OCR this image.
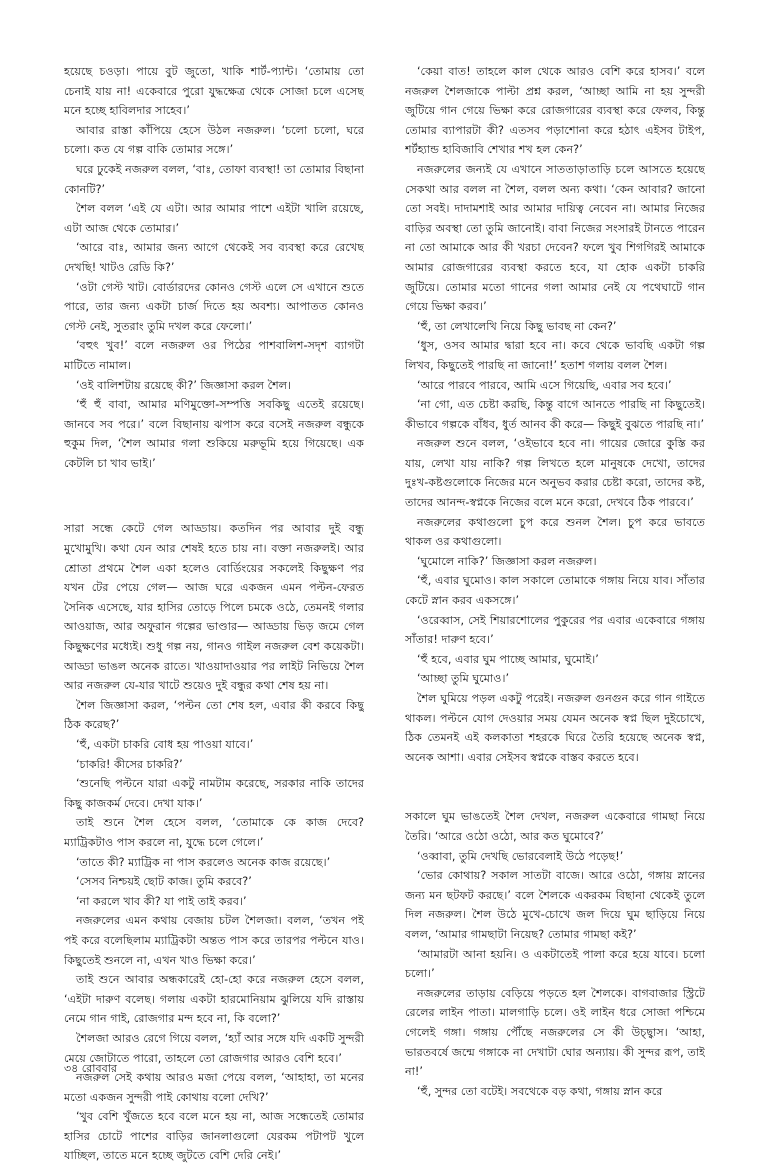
হয়েছে চওড়া। পায়ে বুট জুতো, খাকি শার্ট-প্যান্ট। ‘তোমায় তো চেনাই যায় না! একেবারে পুরো যুদ্ধক্ষেত্র থেকে সোজা চলে এসেছ মনে হচ্ছে হাবিলদার সাহেব।’

আবার রাস্তা কাঁপিয়ে হেসে উঠল নজরুল। ‘চলো চলো, ঘরে চলো। কত যে গল্প বাকি তোমার সঙ্গে।’

ঘরে ঢুকেই নজরুল বলল, ‘বাঃ, তোফা ব্যবস্থা! তা তোমার বিছানা কোনটি?’

শৈল বলল ‘এই যে এটা। আর আমার পাশে এইটা খালি রয়েছে, এটা আজ থেকে তোমার।’

‘আরে বাঃ, আমার জন্য আগে থেকেই সব ব্যবস্থা করে রেখেছ দেখছি! খাটও রেডি কি?’

‘ওটা গেস্ট খাট। বোর্ডারদের কোনও গেস্ট এলে সে এখানে শুতে পারে, তার জন্য একটা চার্জ দিতে হয় অবশ্য। আপাতত কোনও গেস্ট নেই, সুতরাং তুমি দখল করে ফেলো।’

‘বহুৎ খুব!’ বলে নজরুল ওর পিঠের পাশবালিশ-সদৃশ ব্যাগটা মাটিতে নামাল।

‘ওই বালিশটায় রয়েছে কী?’ জিজ্ঞাসা করল শৈল।

‘হুঁ হুঁ বাবা, আমার মণিমুক্তো-সম্পত্তি সবকিছু এতেই রয়েছে। জানবে সব পরে।’ বলে বিছানায় ঝপাস করে বসেই নজরুল বন্ধুকে হুকুম দিল, ‘শৈল আমার গলা শুকিয়ে মরুভূমি হয়ে গিয়েছে। এক কেটলি চা খাব ভাই।’

সারা সন্ধে কেটে গেল আড্ডায়। কতদিন পর আবার দুই বন্ধু মুখোমুখি। কথা যেন আর শেষই হতে চায় না। বক্তা নজরুলই। আর শ্রোতা প্রথমে শৈল একা হলেও বোর্ডিংয়ের সকলেই কিছুক্ষণ পর যখন টের পেয়ে গেল— আজ ঘরে একজন এমন পল্টন-ফেরত সৈনিক এসেছে, যার হাসির তোড়ে পিলে চমকে ওঠে, তেমনই গলার আওয়াজ, আর অফুরান গল্পের ভাণ্ডার— আড্ডায় ভিড় জমে গেল কিছুক্ষণের মধ্যেই। শুধু গল্প নয়, গানও গাইল নজরুল বেশ কয়েকটা। আড্ডা ভাঙল অনেক রাতে। খাওয়াদাওয়ার পর লাইট নিভিয়ে শৈল আর নজরুল যে-যার খাটে শুয়েও দুই বন্ধুর কথা শেষ হয় না।

শৈল জিজ্ঞাসা করল, ‘পল্টন তো শেষ হল, এবার কী করবে কিছু ঠিক করেছ?’

‘হুঁ, একটা চাকরি বোধ হয় পাওয়া যাবে।’

‘চাকরি! কীসের চাকরি?’

‘শুনেছি পল্টনে যারা একটু নামটাম করেছে, সরকার নাকি তাদের কিছু কাজকর্ম দেবে। দেখা যাক।’

তাই শুনে শৈল হেসে বলল, ‘তোমাকে কে কাজ দেবে? ম্যাট্রিকটাও পাস করলে না, যুদ্ধে চলে গেলে।’

‘তাতে কী? ম্যাট্রিক না পাস করলেও অনেক কাজ রয়েছে।’

‘সেসব নিশ্চয়ই ছোট কাজ। তুমি করবে?’

‘না করলে খাব কী? যা পাই তাই করব।’

নজরুলের এমন কথায় বেজায় চটল শৈলজা। বলল, ‘তখন পই পই করে বলেছিলাম ম্যাট্রিকটা অন্তত পাস করে তারপর পল্টনে যাও। কিছুতেই শুনলে না, এখন খাও ভিক্ষা করে।’

তাই শুনে আবার অন্ধকারেই হো-হো করে নজরুল হেসে বলল, ‘এইটা দারুণ বলেছ। গলায় একটা হারমোনিয়াম ঝুলিয়ে যদি রাস্তায় নেমে গান গাই, রোজগার মন্দ হবে না, কি বলো?’

শৈলজা আরও রেগে গিয়ে বলল, ‘হ্যাঁ আর সঙ্গে যদি একটি সুন্দরী মেয়ে জোটাতে পারো, তাহলে তো রোজগার আরও বেশি হবে।’

নজরুল সেই কথায় আরও মজা পেয়ে বলল, ‘আহাহা, তা মনের মতো একজন সুন্দরী পাই কোথায় বলো দেখি?’

‘খুব বেশি খুঁজতে হবে বলে মনে হয় না, আজ সন্ধেতেই তোমার হাসির চোটে পাশের বাড়ির জানলাগুলো যেরকম পটাপট খুলে যাচ্ছিল, তাতে মনে হচ্ছে জুটতে বেশি দেরি নেই।’

‘কেয়া বাত! তাহলে কাল থেকে আরও বেশি করে হাসব।’ বলে নজরুল শৈলজাকে পাল্টা প্রশ্ন করল, ‘আচ্ছা আমি না হয় সুন্দরী জুটিয়ে গান গেয়ে ভিক্ষা করে রোজগারের ব্যবস্থা করে ফেলব, কিন্তু তোমার ব্যাপারটা কী? এতসব পড়াশোনা করে হঠাৎ এইসব টাইপ, শর্টহ্যান্ড হাবিজাবি শেখার শখ হল কেন?’

নজরুলের জন্যই যে এখানে সাততাড়াতাড়ি চলে আসতে হয়েছে সেকথা আর বলল না শৈল, বলল অন্য কথা। ‘কেন আবার? জানো তো সবই। দাদামশাই আর আমার দায়িত্ব নেবেন না। আমার নিজের বাড়ির অবস্থা তো তুমি জানোই। বাবা নিজের সংসারই টানতে পারেন না তো আমাকে আর কী খরচা দেবেন? ফলে খুব শিগগিরই আমাকে আমার রোজগারের ব্যবস্থা করতে হবে, যা হোক একটা চাকরি জুটিয়ে। তোমার মতো গানের গলা আমার নেই যে পথেঘাটে গান গেয়ে ভিক্ষা করব।’

‘হুঁ, তা লেখালেখি নিয়ে কিছু ভাবছ না কেন?’

‘ধুস, ওসব আমার দ্বারা হবে না। কবে থেকে ভাবছি একটা গল্প লিখব, কিছুতেই পারছি না জানো!’ হতাশ গলায় বলল শৈল।

‘আরে পারবে পারবে, আমি এসে গিয়েছি, এবার সব হবে।’

‘না গো, এত চেষ্টা করছি, কিন্তু বাগে আনতে পারছি না কিছুতেই। কীভাবে গল্পকে বাঁধব, ধুর্ত আনব কী করে— কিছুই বুঝতে পারছি না।’

নজরুল শুনে বলল, ‘ওইভাবে হবে না। গায়ের জোরে কুস্তি কর যায়, লেখা যায় নাকি? গল্প লিখতে হলে মানুষকে দেখো, তাদের দুঃখ-কষ্টগুলোকে নিজের মনে অনুভব করার চেষ্টা করো, তাদের কষ্ট, তাদের আনন্দ-স্বপ্নকে নিজের বলে মনে করো, দেখবে ঠিক পারবে।’

নজরুলের কথাগুলো চুপ করে শুনল শৈল। চুপ করে ভাবতে থাকল ওর কথাগুলো।

‘ঘুমোলে নাকি?’ জিজ্ঞাসা করল নজরুল।

‘হুঁ, এবার ঘুমোও। কাল সকালে তোমাকে গঙ্গায় নিয়ে যাব। সাঁতার কেটে স্নান করব একসঙ্গে।’

‘ওরেব্বাস, সেই শিয়ারশোলের পুকুরের পর এবার একেবারে গঙ্গায় সাঁতার! দারুণ হবে।’

‘হুঁ হবে, এবার ঘুম পাচ্ছে আমার, ঘুমোই।’

‘আচ্ছা তুমি ঘুমোও।’

শৈল ঘুমিয়ে পড়ল একটু পরেই। নজরুল গুনগুন করে গান গাইতে থাকল। পল্টনে যোগ দেওয়ার সময় যেমন অনেক স্বপ্ন ছিল দুইচোখে, ঠিক তেমনই এই কলকাতা শহরকে ঘিরে তৈরি হয়েছে অনেক স্বপ্ন, অনেক আশা। এবার সেইসব স্বপ্নকে বাস্তব করতে হবে।

সকালে ঘুম ভাঙতেই শৈল দেখল, নজরুল একেবারে গামছা নিয়ে তৈরি। ‘আরে ওঠো ওঠো, আর কত ঘুমোবে?’

‘ওব্বাবা, তুমি দেখছি ভোরবেলাই উঠে পড়েছ!’

‘ভোর কোথায়? সকাল সাতটা বাজে। আরে ওঠো, গঙ্গায় স্নানের জন্য মন ছটফট করছে।’ বলে শৈলকে একরকম বিছানা থেকেই তুলে দিল নজরুল। শৈল উঠে মুখে-চোখে জল দিয়ে ঘুম ছাড়িয়ে নিয়ে বলল, ‘আমার গামছাটা নিয়েছ? তোমার গামছা কই?’

‘আমারটা আনা হয়নি। ও একটাতেই পালা করে হয়ে যাবে। চলো চলো।’

নজরুলের তাড়ায় বেড়িয়ে পড়তে হল শৈলকে। বাগবাজার স্ট্রিটে রেলের লাইন পাতা। মালগাড়ি চলে। ওই লাইন ধরে সোজা পশ্চিমে গেলেই গঙ্গা। গঙ্গায় পৌঁছে নজরুলের সে কী উচ্ছ্বাস। ‘আহা, ভারতবর্ষে জন্মে গঙ্গাকে না দেখাটা ঘোর অন্যায়। কী সুন্দর রূপ, তাই না!’

‘হুঁ, সুন্দর তো বটেই। সবথেকে বড় কথা, গঙ্গায় স্নান করে

৩৪ রোববার
